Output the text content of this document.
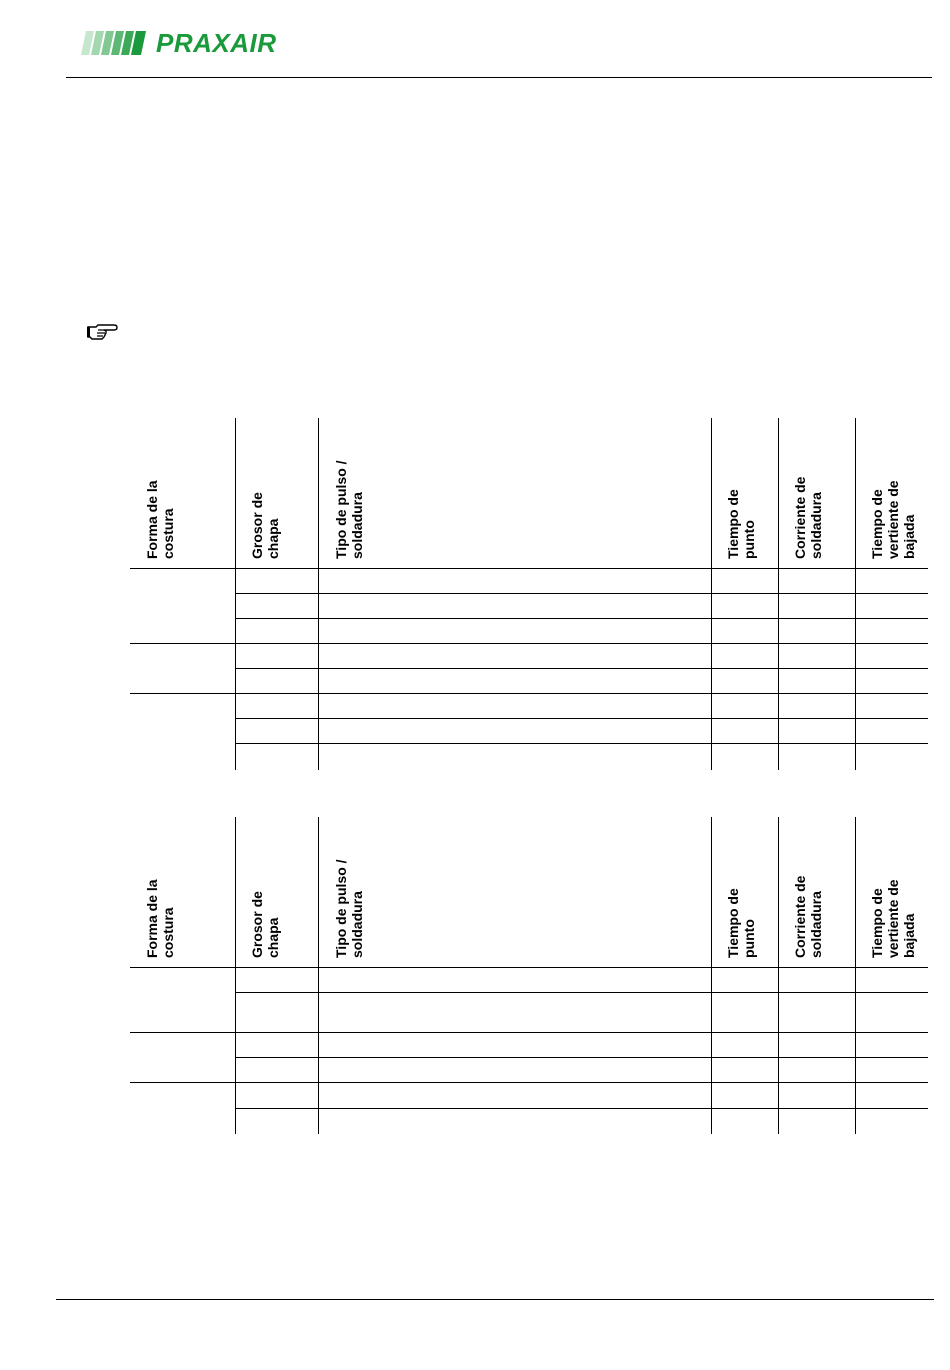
PRAXAIR
Forma de la costura	Grosor de chapa	Tipo de pulso / soldadura	Tiempo de punto	Corriente de soldadura	Tiempo de vertiente de bajada
Forma de la costura	Grosor de chapa	Tipo de pulso / soldadura	Tiempo de punto	Corriente de soldadura	Tiempo de vertiente de bajada
